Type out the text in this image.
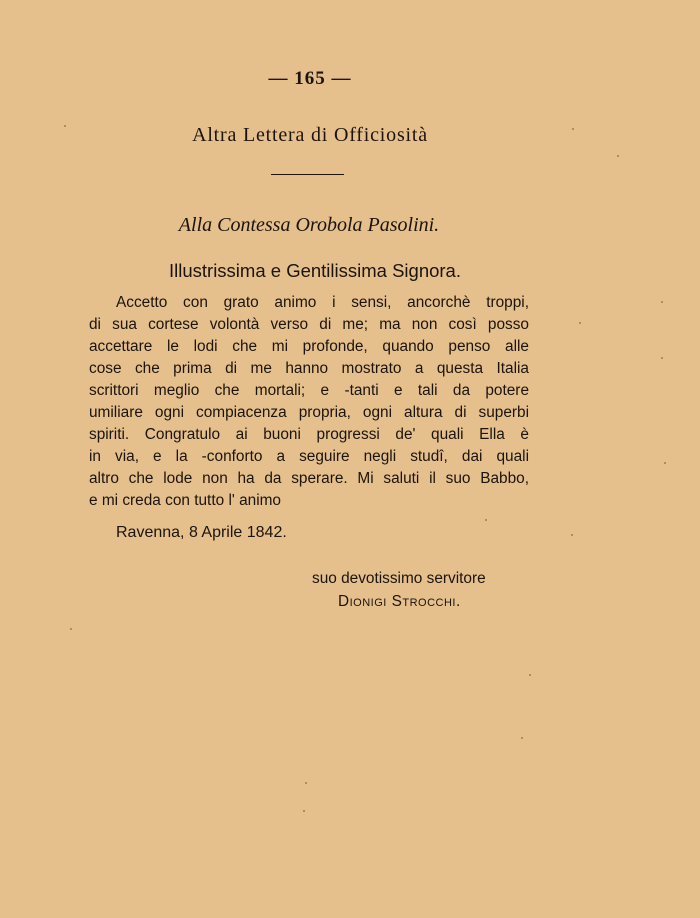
— 165 —
Altra Lettera di Officiosità
Alla Contessa Orobola Pasolini.
Illustrissima e Gentilissima Signora.
Accetto con grato animo i sensi, ancorchè troppi,
di sua cortese volontà verso di me; ma non così posso
accettare le lodi che mi profonde, quando penso alle
cose che prima di me hanno mostrato a questa Italia
scrittori meglio che mortali; e -tanti e tali da potere
umiliare ogni compiacenza propria, ogni altura di superbi
spiriti. Congratulo ai buoni progressi de' quali Ella è
in via, e la -conforto a seguire negli studî, dai quali
altro che lode non ha da sperare. Mi saluti il suo Babbo,
e mi creda con tutto l' animo
Ravenna, 8 Aprile 1842.
suo devotissimo servitore
Dionigi Strocchi.
